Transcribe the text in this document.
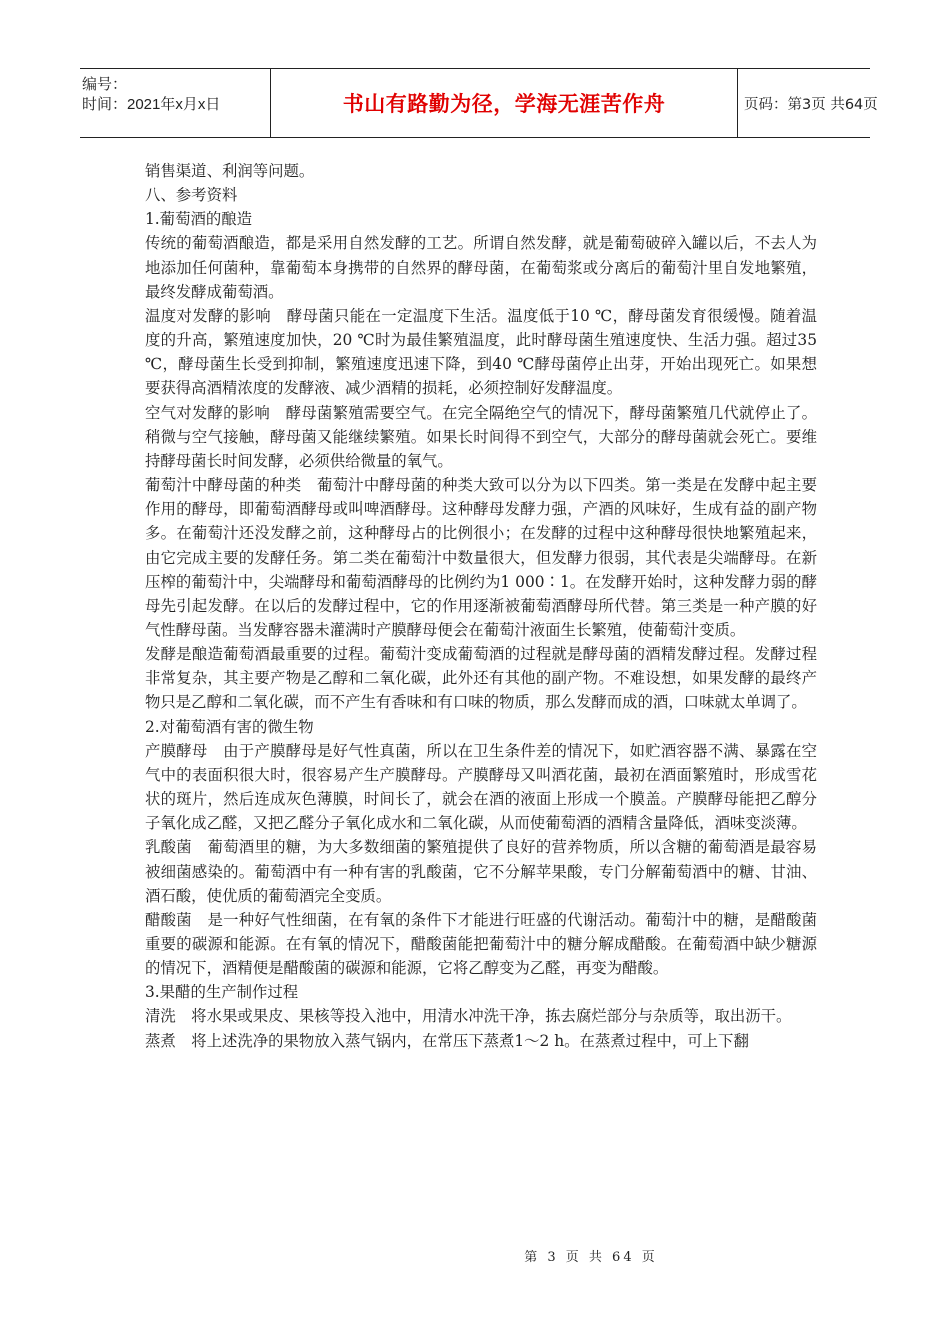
编号：
时间：2021年x月x日	书山有路勤为径，学海无涯苦作舟	页码：第3页 共64页

销售渠道、利润等问题。

八、参考资料

1.葡萄酒的酿造

传统的葡萄酒酿造，都是采用自然发酵的工艺。所谓自然发酵，就是葡萄破碎入罐以后，不去人为地添加任何菌种，靠葡萄本身携带的自然界的酵母菌，在葡萄浆或分离后的葡萄汁里自发地繁殖，最终发酵成葡萄酒。

温度对发酵的影响　酵母菌只能在一定温度下生活。温度低于10 ℃，酵母菌发育很缓慢。随着温度的升高，繁殖速度加快，20 ℃时为最佳繁殖温度，此时酵母菌生殖速度快、生活力强。超过35 ℃，酵母菌生长受到抑制，繁殖速度迅速下降，到40 ℃酵母菌停止出芽，开始出现死亡。如果想要获得高酒精浓度的发酵液、减少酒精的损耗，必须控制好发酵温度。

空气对发酵的影响　酵母菌繁殖需要空气。在完全隔绝空气的情况下，酵母菌繁殖几代就停止了。稍微与空气接触，酵母菌又能继续繁殖。如果长时间得不到空气，大部分的酵母菌就会死亡。要维持酵母菌长时间发酵，必须供给微量的氧气。

葡萄汁中酵母菌的种类　葡萄汁中酵母菌的种类大致可以分为以下四类。第一类是在发酵中起主要作用的酵母，即葡萄酒酵母或叫啤酒酵母。这种酵母发酵力强，产酒的风味好，生成有益的副产物多。在葡萄汁还没发酵之前，这种酵母占的比例很小；在发酵的过程中这种酵母很快地繁殖起来，由它完成主要的发酵任务。第二类在葡萄汁中数量很大，但发酵力很弱，其代表是尖端酵母。在新压榨的葡萄汁中，尖端酵母和葡萄酒酵母的比例约为1 000∶1。在发酵开始时，这种发酵力弱的酵母先引起发酵。在以后的发酵过程中，它的作用逐渐被葡萄酒酵母所代替。第三类是一种产膜的好气性酵母菌。当发酵容器未灌满时产膜酵母便会在葡萄汁液面生长繁殖，使葡萄汁变质。

发酵是酿造葡萄酒最重要的过程。葡萄汁变成葡萄酒的过程就是酵母菌的酒精发酵过程。发酵过程非常复杂，其主要产物是乙醇和二氧化碳，此外还有其他的副产物。不难设想，如果发酵的最终产物只是乙醇和二氧化碳，而不产生有香味和有口味的物质，那么发酵而成的酒，口味就太单调了。

2.对葡萄酒有害的微生物

产膜酵母　由于产膜酵母是好气性真菌，所以在卫生条件差的情况下，如贮酒容器不满、暴露在空气中的表面积很大时，很容易产生产膜酵母。产膜酵母又叫酒花菌，最初在酒面繁殖时，形成雪花状的斑片，然后连成灰色薄膜，时间长了，就会在酒的液面上形成一个膜盖。产膜酵母能把乙醇分子氧化成乙醛，又把乙醛分子氧化成水和二氧化碳，从而使葡萄酒的酒精含量降低，酒味变淡薄。

乳酸菌　葡萄酒里的糖，为大多数细菌的繁殖提供了良好的营养物质，所以含糖的葡萄酒是最容易被细菌感染的。葡萄酒中有一种有害的乳酸菌，它不分解苹果酸，专门分解葡萄酒中的糖、甘油、酒石酸，使优质的葡萄酒完全变质。

醋酸菌　是一种好气性细菌，在有氧的条件下才能进行旺盛的代谢活动。葡萄汁中的糖，是醋酸菌重要的碳源和能源。在有氧的情况下，醋酸菌能把葡萄汁中的糖分解成醋酸。在葡萄酒中缺少糖源的情况下，酒精便是醋酸菌的碳源和能源，它将乙醇变为乙醛，再变为醋酸。

3.果醋的生产制作过程

清洗　将水果或果皮、果核等投入池中，用清水冲洗干净，拣去腐烂部分与杂质等，取出沥干。

蒸煮　将上述洗净的果物放入蒸气锅内，在常压下蒸煮1～2 h。在蒸煮过程中，可上下翻

第 3 页 共 64 页
